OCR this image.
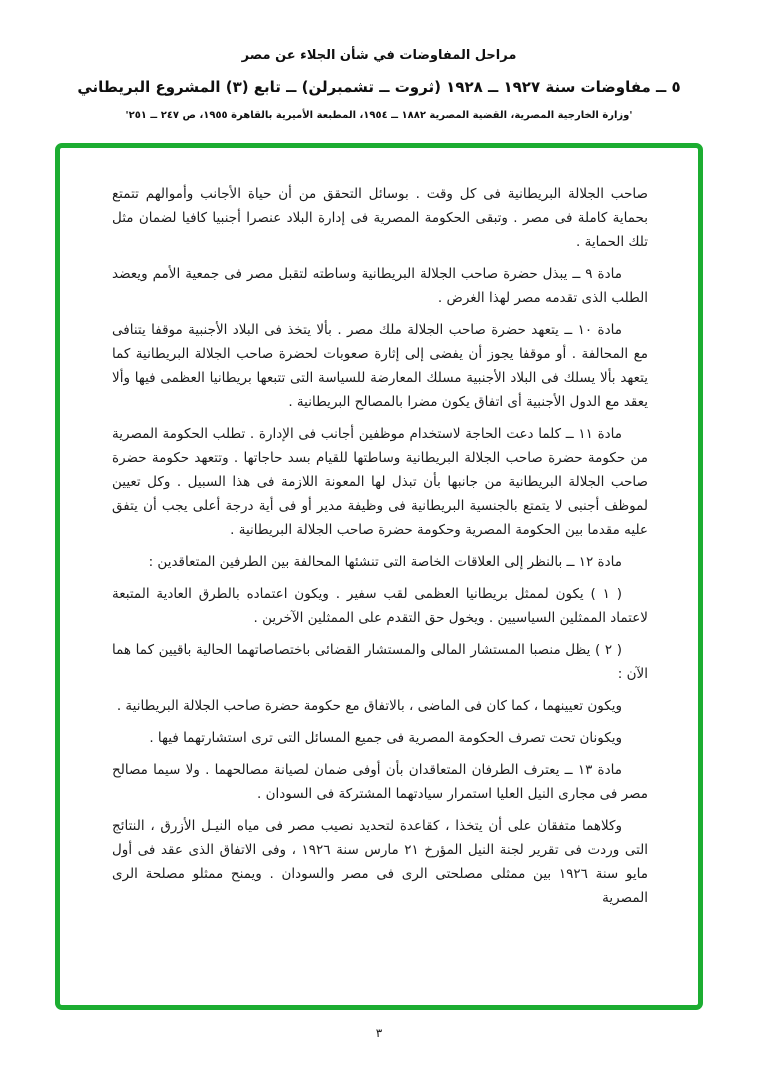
مراحل المفاوضات في شأن الجلاء عن مصر
٥ ــ مفاوضات سنة ١٩٢٧ ــ ١٩٢٨ (ثروت ــ تشمبرلن) ــ تابع (٣) المشروع البريطاني
'وزارة الخارجية المصرية، القضية المصرية ١٨٨٢ ــ ١٩٥٤، المطبعة الأميرية بالقاهرة ١٩٥٥، ص ٢٤٧ ــ ٢٥١'

صاحب الجلالة البريطانية فى كل وقت . بوسائل التحقق من أن حياة الأجانب وأموالهم تتمتع بحماية كاملة فى مصر . وتبقى الحكومة المصرية فى إدارة البلاد عنصرا أجنبيا كافيا لضمان مثل تلك الحماية .

مادة ٩ ــ يبذل حضرة صاحب الجلالة البريطانية وساطته لتقبل مصر فى جمعية الأمم ويعضد الطلب الذى تقدمه مصر لهذا الغرض .

مادة ١٠ ــ يتعهد حضرة صاحب الجلالة ملك مصر . بألا يتخذ فى البلاد الأجنبية موقفا يتنافى مع المحالفة . أو موقفا يجوز أن يفضى إلى إثارة صعوبات لحضرة صاحب الجلالة البريطانية كما يتعهد بألا يسلك فى البلاد الأجنبية مسلك المعارضة للسياسة التى تتبعها بريطانيا العظمى فيها وألا يعقد مع الدول الأجنبية أى اتفاق يكون مضرا بالمصالح البريطانية .

مادة ١١ ــ كلما دعت الحاجة لاستخدام موظفين أجانب فى الإدارة . تطلب الحكومة المصرية من حكومة حضرة صاحب الجلالة البريطانية وساطتها للقيام بسد حاجاتها . وتتعهد حكومة حضرة صاحب الجلالة البريطانية من جانبها بأن تبذل لها المعونة اللازمة فى هذا السبيل . وكل تعيين لموظف أجنبى لا يتمتع بالجنسية البريطانية فى وظيفة مدير أو فى أية درجة أعلى يجب أن يتفق عليه مقدما بين الحكومة المصرية وحكومة حضرة صاحب الجلالة البريطانية .

مادة ١٢ ــ بالنظر إلى العلاقات الخاصة التى تنشئها المحالفة بين الطرفين المتعاقدين :

( ١ ) يكون لممثل بريطانيا العظمى لقب سفير . ويكون اعتماده بالطرق العادية المتبعة لاعتماد الممثلين السياسيين . ويخول حق التقدم على الممثلين الآخرين .

( ٢ ) يظل منصبا المستشار المالى والمستشار القضائى باختصاصاتهما الحالية باقيين كما هما الآن :

ويكون تعيينهما ، كما كان فى الماضى ، بالاتفاق مع حكومة حضرة صاحب الجلالة البريطانية .

ويكونان تحت تصرف الحكومة المصرية فى جميع المسائل التى ترى استشارتهما فيها .

مادة ١٣ ــ يعترف الطرفان المتعاقدان بأن أوفى ضمان لصيانة مصالحهما . ولا سيما مصالح مصر فى مجارى النيل العليا استمرار سيادتهما المشتركة فى السودان .

وكلاهما متفقان على أن يتخذا ، كقاعدة لتحديد نصيب مصر فى مياه النيـل الأزرق ، النتائج التى وردت فى تقرير لجنة النيل المؤرخ ٢١ مارس سنة ١٩٢٦ ، وفى الاتفاق الذى عقد فى أول مايو سنة ١٩٢٦ بين ممثلى مصلحتى الرى فى مصر والسودان . ويمنح ممثلو مصلحة الرى المصرية

٣
